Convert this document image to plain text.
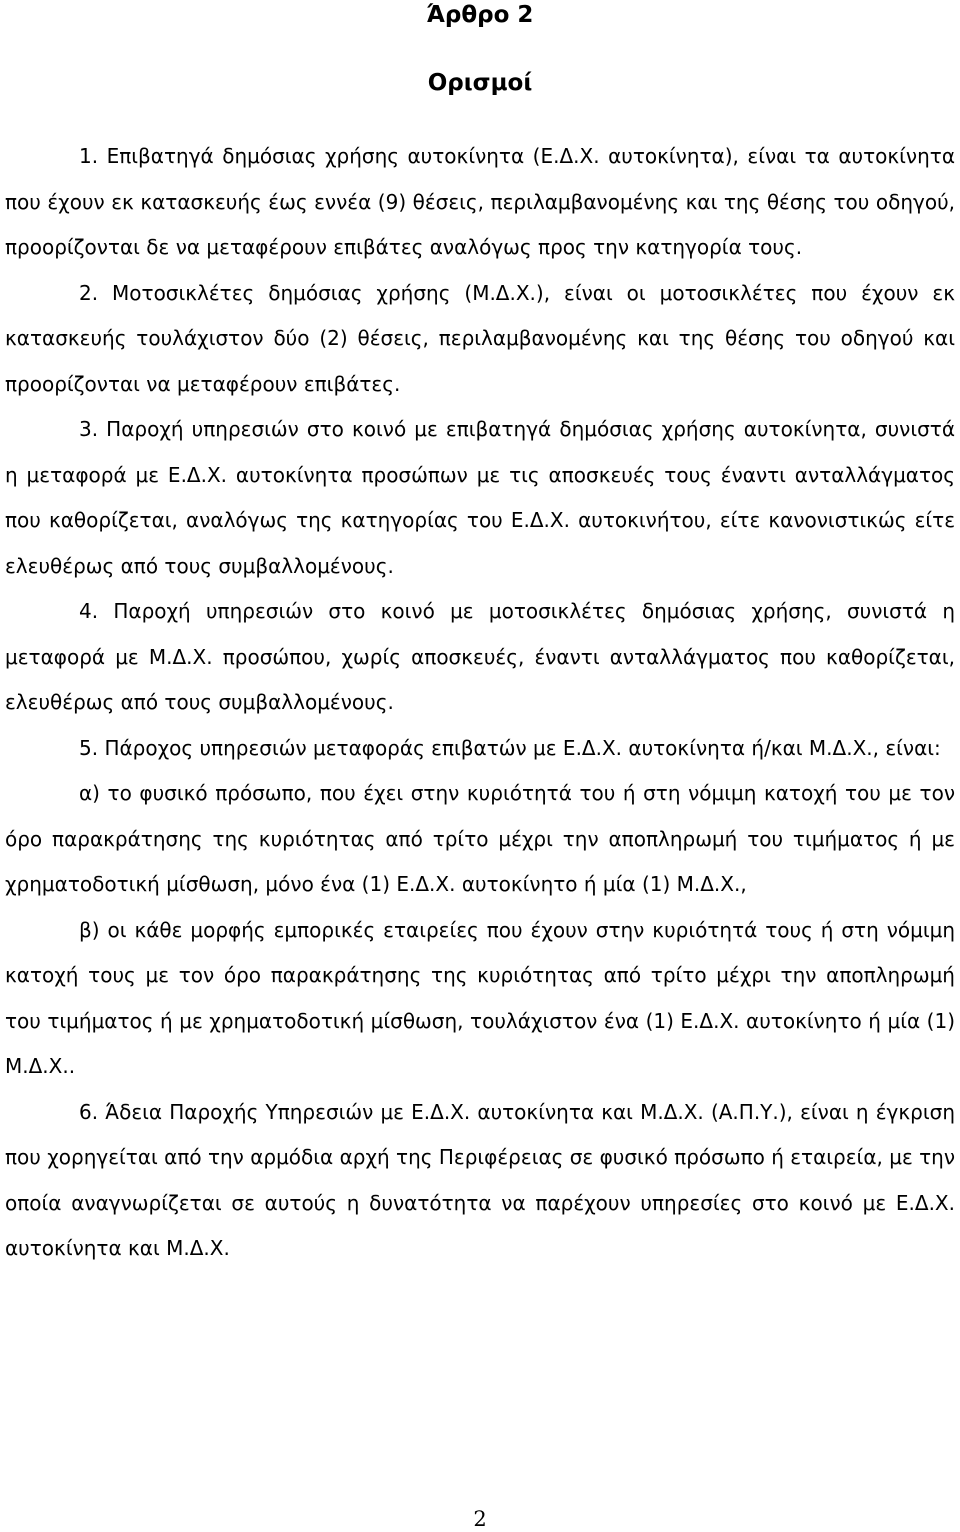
Άρθρο 2
Ορισμοί

1. Επιβατηγά δημόσιας χρήσης αυτοκίνητα (Ε.Δ.Χ. αυτοκίνητα), είναι τα αυτοκίνητα που έχουν εκ κατασκευής έως εννέα (9) θέσεις, περιλαμβανομένης και της θέσης του οδηγού, προορίζονται δε να μεταφέρουν επιβάτες αναλόγως προς την κατηγορία τους.

2. Μοτοσικλέτες δημόσιας χρήσης (Μ.Δ.Χ.), είναι οι μοτοσικλέτες που έχουν εκ κατασκευής τουλάχιστον δύο (2) θέσεις, περιλαμβανομένης και της θέσης του οδηγού και προορίζονται να μεταφέρουν επιβάτες.

3. Παροχή υπηρεσιών στο κοινό με επιβατηγά δημόσιας χρήσης αυτοκίνητα, συνιστά η μεταφορά με Ε.Δ.Χ. αυτοκίνητα προσώπων με τις αποσκευές τους έναντι ανταλλάγματος που καθορίζεται, αναλόγως της κατηγορίας του Ε.Δ.Χ. αυτοκινήτου, είτε κανονιστικώς είτε ελευθέρως από τους συμβαλλομένους.

4. Παροχή υπηρεσιών στο κοινό με μοτοσικλέτες δημόσιας χρήσης, συνιστά η μεταφορά με Μ.Δ.Χ. προσώπου, χωρίς αποσκευές, έναντι ανταλλάγματος που καθορίζεται, ελευθέρως από τους συμβαλλομένους.

5. Πάροχος υπηρεσιών μεταφοράς επιβατών με Ε.Δ.Χ. αυτοκίνητα ή/και Μ.Δ.Χ., είναι:

α) το φυσικό πρόσωπο, που έχει στην κυριότητά του ή στη νόμιμη κατοχή του με τον όρο παρακράτησης της κυριότητας από τρίτο μέχρι την αποπληρωμή του τιμήματος ή με χρηματοδοτική μίσθωση, μόνο ένα (1) Ε.Δ.Χ. αυτοκίνητο ή μία (1) Μ.Δ.Χ.,

β) οι κάθε μορφής εμπορικές εταιρείες που έχουν στην κυριότητά τους ή στη νόμιμη κατοχή τους με τον όρο παρακράτησης της κυριότητας από τρίτο μέχρι την αποπληρωμή του τιμήματος ή με χρηματοδοτική μίσθωση, τουλάχιστον ένα (1) Ε.Δ.Χ. αυτοκίνητο ή μία (1) Μ.Δ.Χ..

6. Άδεια Παροχής Υπηρεσιών με Ε.Δ.Χ. αυτοκίνητα και Μ.Δ.Χ. (Α.Π.Υ.), είναι η έγκριση που χορηγείται από την αρμόδια αρχή της Περιφέρειας σε φυσικό πρόσωπο ή εταιρεία, με την οποία αναγνωρίζεται σε αυτούς η δυνατότητα να παρέχουν υπηρεσίες στο κοινό με Ε.Δ.Χ. αυτοκίνητα και Μ.Δ.Χ.

2
